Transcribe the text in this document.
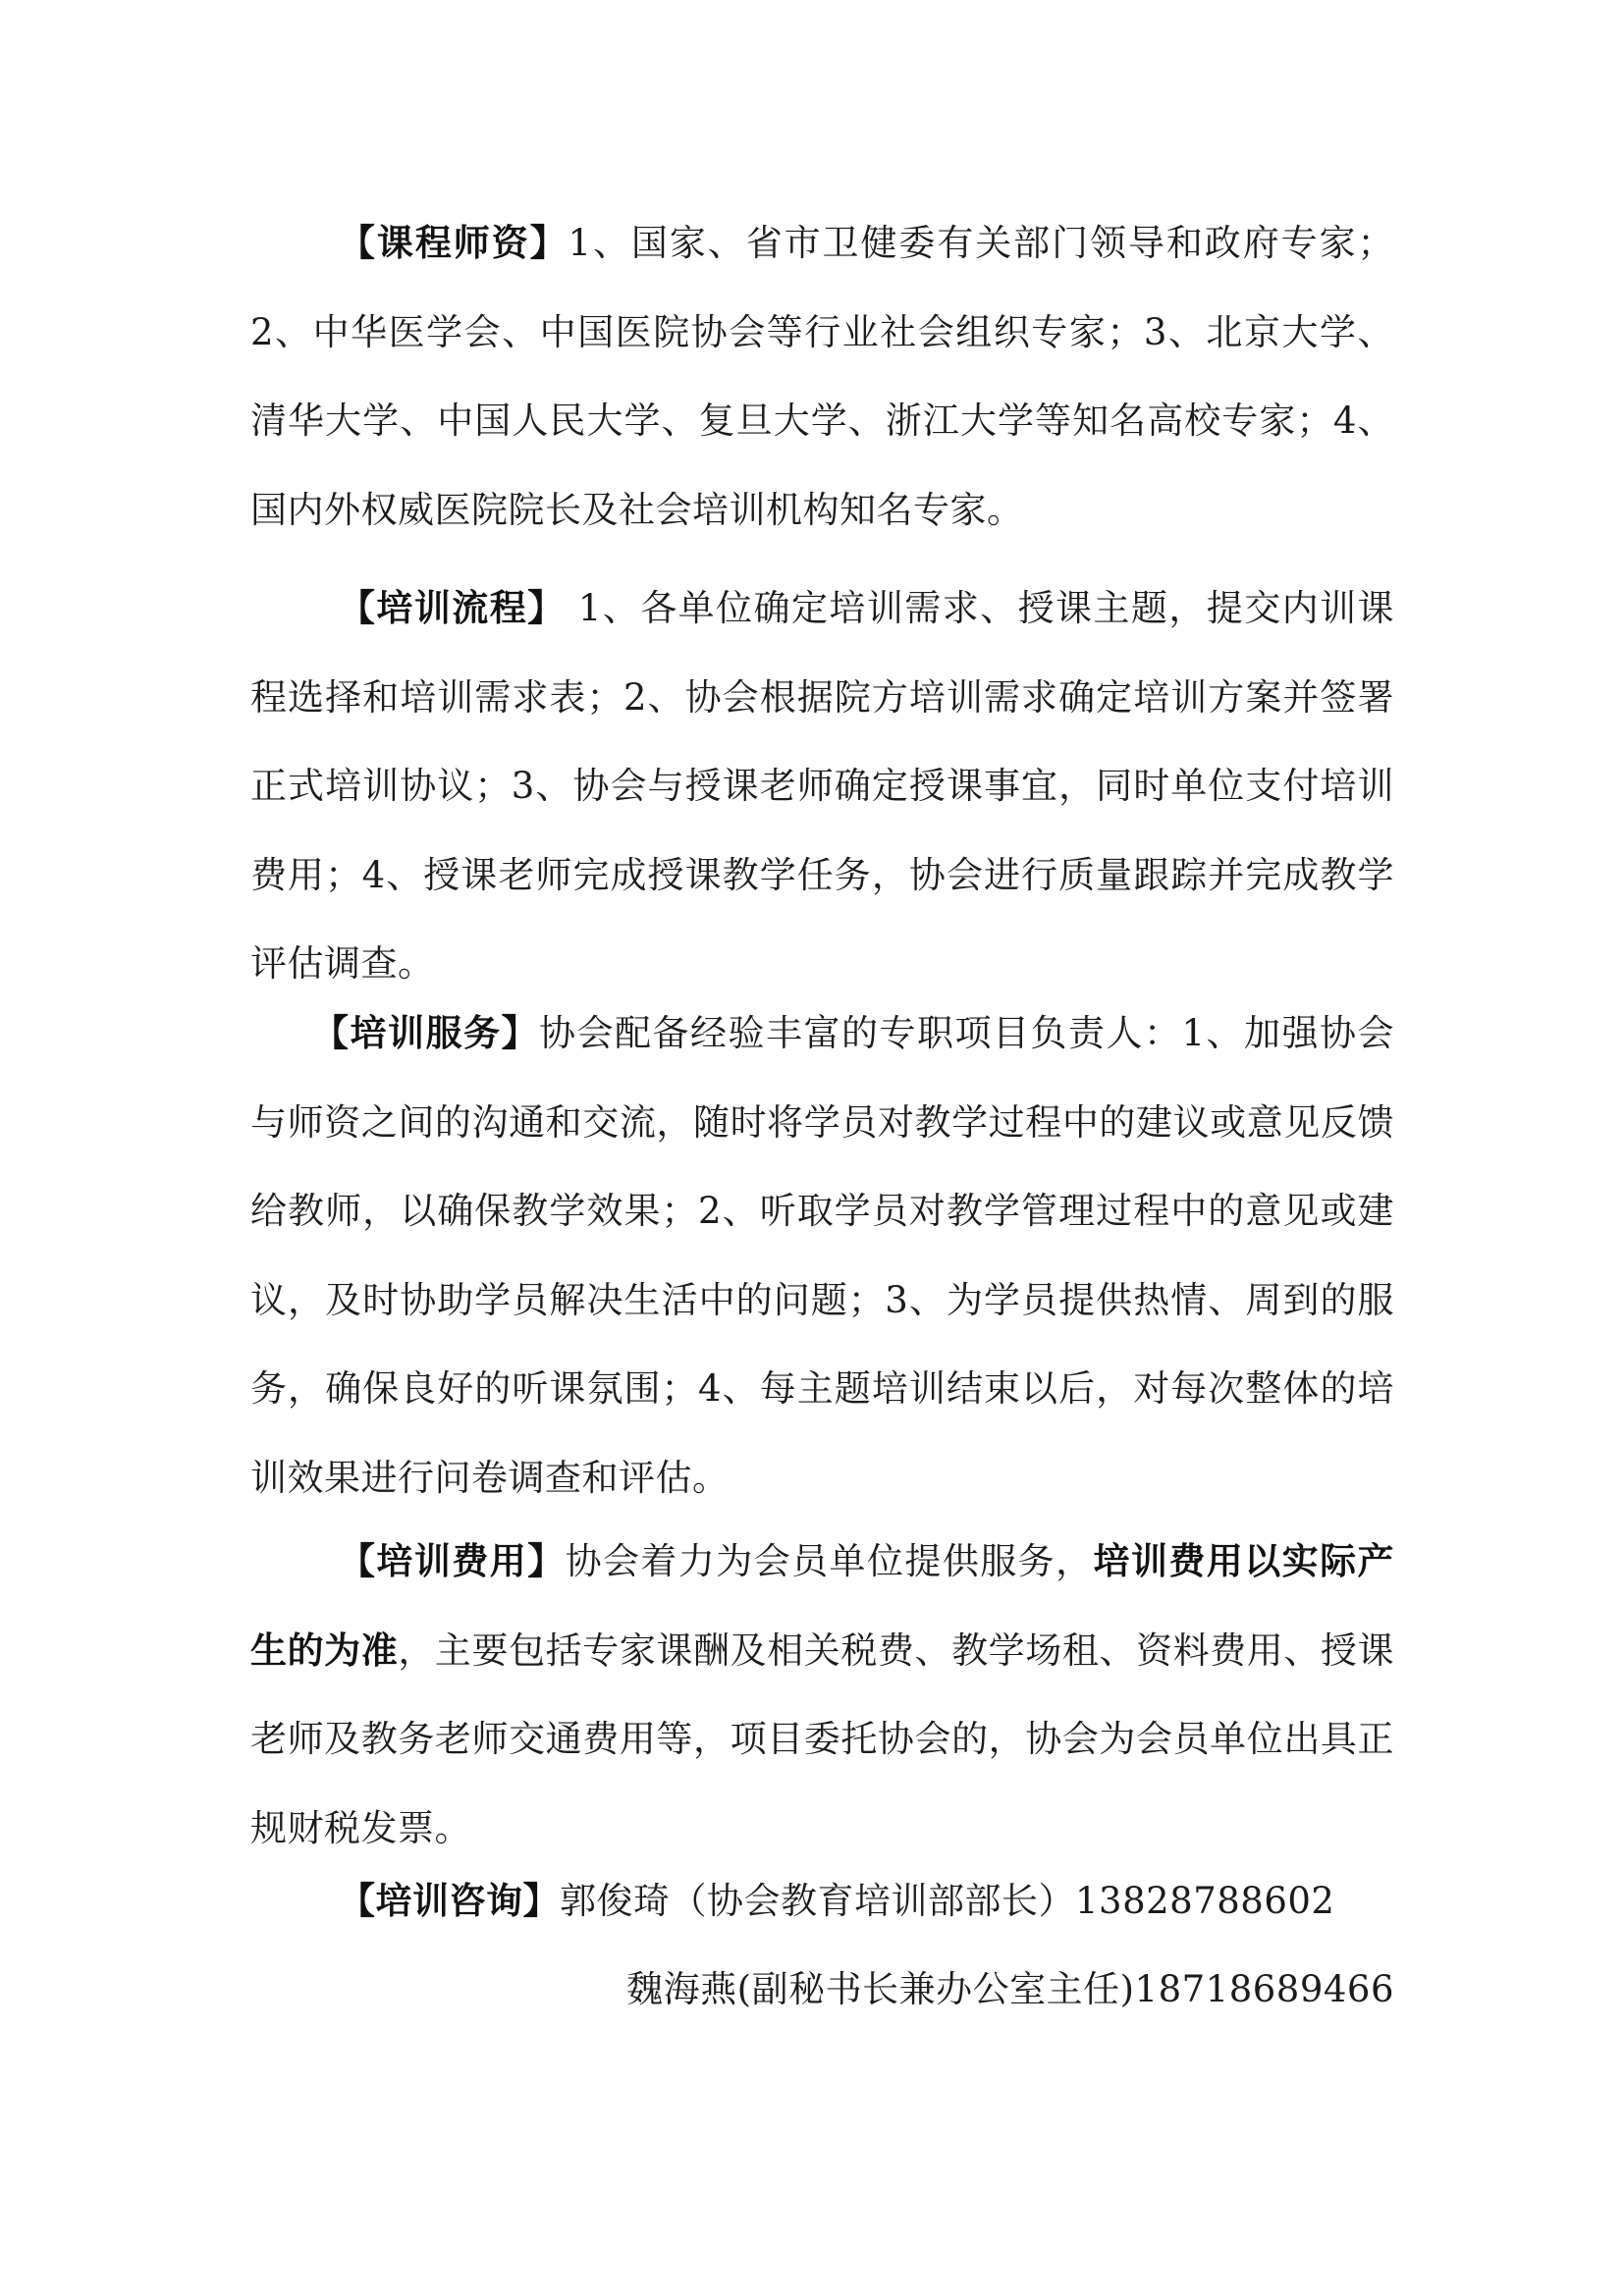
【课程师资】1、国家、省市卫健委有关部门领导和政府专家；2、中华医学会、中国医院协会等行业社会组织专家；3、北京大学、清华大学、中国人民大学、复旦大学、浙江大学等知名高校专家；4、国内外权威医院院长及社会培训机构知名专家。

【培训流程】 1、各单位确定培训需求、授课主题，提交内训课程选择和培训需求表；2、协会根据院方培训需求确定培训方案并签署正式培训协议；3、协会与授课老师确定授课事宜，同时单位支付培训费用；4、授课老师完成授课教学任务，协会进行质量跟踪并完成教学评估调查。

【培训服务】协会配备经验丰富的专职项目负责人：1、加强协会与师资之间的沟通和交流，随时将学员对教学过程中的建议或意见反馈给教师，以确保教学效果；2、听取学员对教学管理过程中的意见或建议，及时协助学员解决生活中的问题；3、为学员提供热情、周到的服务，确保良好的听课氛围；4、每主题培训结束以后，对每次整体的培训效果进行问卷调查和评估。

【培训费用】协会着力为会员单位提供服务，培训费用以实际产生的为准，主要包括专家课酬及相关税费、教学场租、资料费用、授课老师及教务老师交通费用等，项目委托协会的，协会为会员单位出具正规财税发票。

【培训咨询】郭俊琦（协会教育培训部部长）13828788602

魏海燕(副秘书长兼办公室主任)18718689466
